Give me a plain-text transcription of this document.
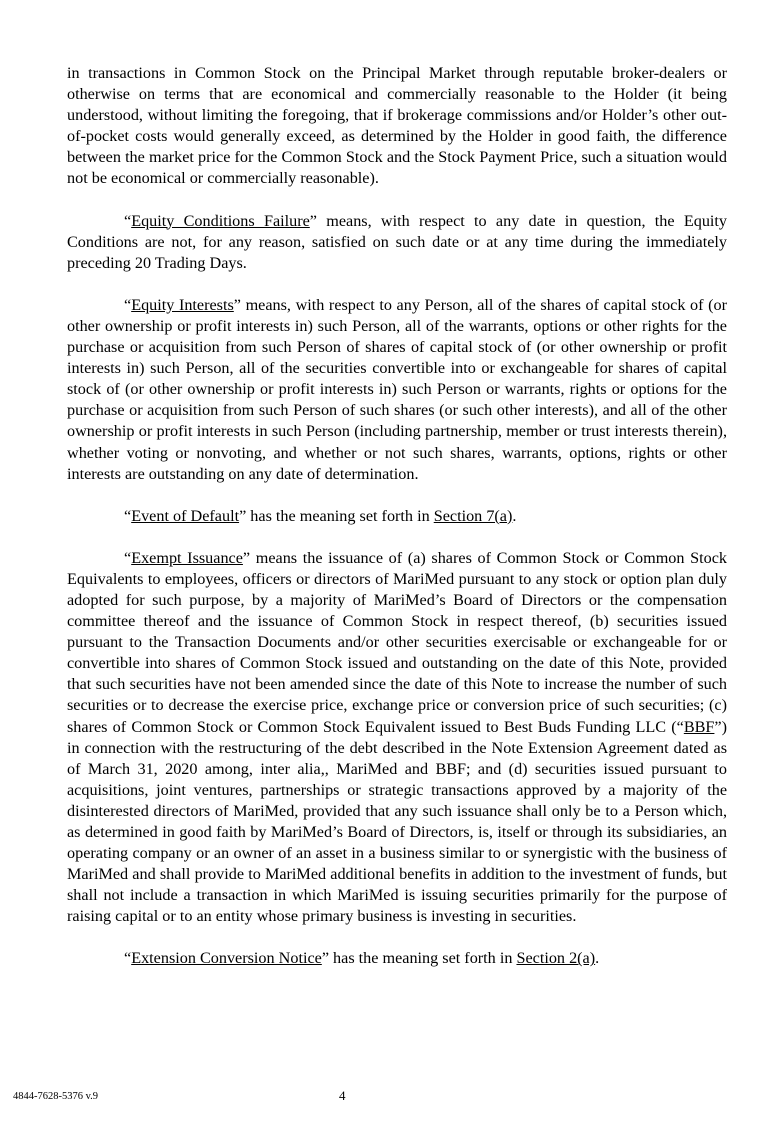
in transactions in Common Stock on the Principal Market through reputable broker-dealers or otherwise on terms that are economical and commercially reasonable to the Holder (it being understood, without limiting the foregoing, that if brokerage commissions and/or Holder’s other out-of-pocket costs would generally exceed, as determined by the Holder in good faith, the difference between the market price for the Common Stock and the Stock Payment Price, such a situation would not be economical or commercially reasonable).

“Equity Conditions Failure” means, with respect to any date in question, the Equity Conditions are not, for any reason, satisfied on such date or at any time during the immediately preceding 20 Trading Days.

“Equity Interests” means, with respect to any Person, all of the shares of capital stock of (or other ownership or profit interests in) such Person, all of the warrants, options or other rights for the purchase or acquisition from such Person of shares of capital stock of (or other ownership or profit interests in) such Person, all of the securities convertible into or exchangeable for shares of capital stock of (or other ownership or profit interests in) such Person or warrants, rights or options for the purchase or acquisition from such Person of such shares (or such other interests), and all of the other ownership or profit interests in such Person (including partnership, member or trust interests therein), whether voting or nonvoting, and whether or not such shares, warrants, options, rights or other interests are outstanding on any date of determination.

“Event of Default” has the meaning set forth in Section 7(a).

“Exempt Issuance” means the issuance of (a) shares of Common Stock or Common Stock Equivalents to employees, officers or directors of MariMed pursuant to any stock or option plan duly adopted for such purpose, by a majority of MariMed’s Board of Directors or the compensation committee thereof and the issuance of Common Stock in respect thereof, (b) securities issued pursuant to the Transaction Documents and/or other securities exercisable or exchangeable for or convertible into shares of Common Stock issued and outstanding on the date of this Note, provided that such securities have not been amended since the date of this Note to increase the number of such securities or to decrease the exercise price, exchange price or conversion price of such securities; (c) shares of Common Stock or Common Stock Equivalent issued to Best Buds Funding LLC (“BBF”) in connection with the restructuring of the debt described in the Note Extension Agreement dated as of March 31, 2020 among, inter alia,, MariMed and BBF; and (d) securities issued pursuant to acquisitions, joint ventures, partnerships or strategic transactions approved by a majority of the disinterested directors of MariMed, provided that any such issuance shall only be to a Person which, as determined in good faith by MariMed’s Board of Directors, is, itself or through its subsidiaries, an operating company or an owner of an asset in a business similar to or synergistic with the business of MariMed and shall provide to MariMed additional benefits in addition to the investment of funds, but shall not include a transaction in which MariMed is issuing securities primarily for the purpose of raising capital or to an entity whose primary business is investing in securities.

“Extension Conversion Notice” has the meaning set forth in Section 2(a).

4844-7628-5376 v.9	4
